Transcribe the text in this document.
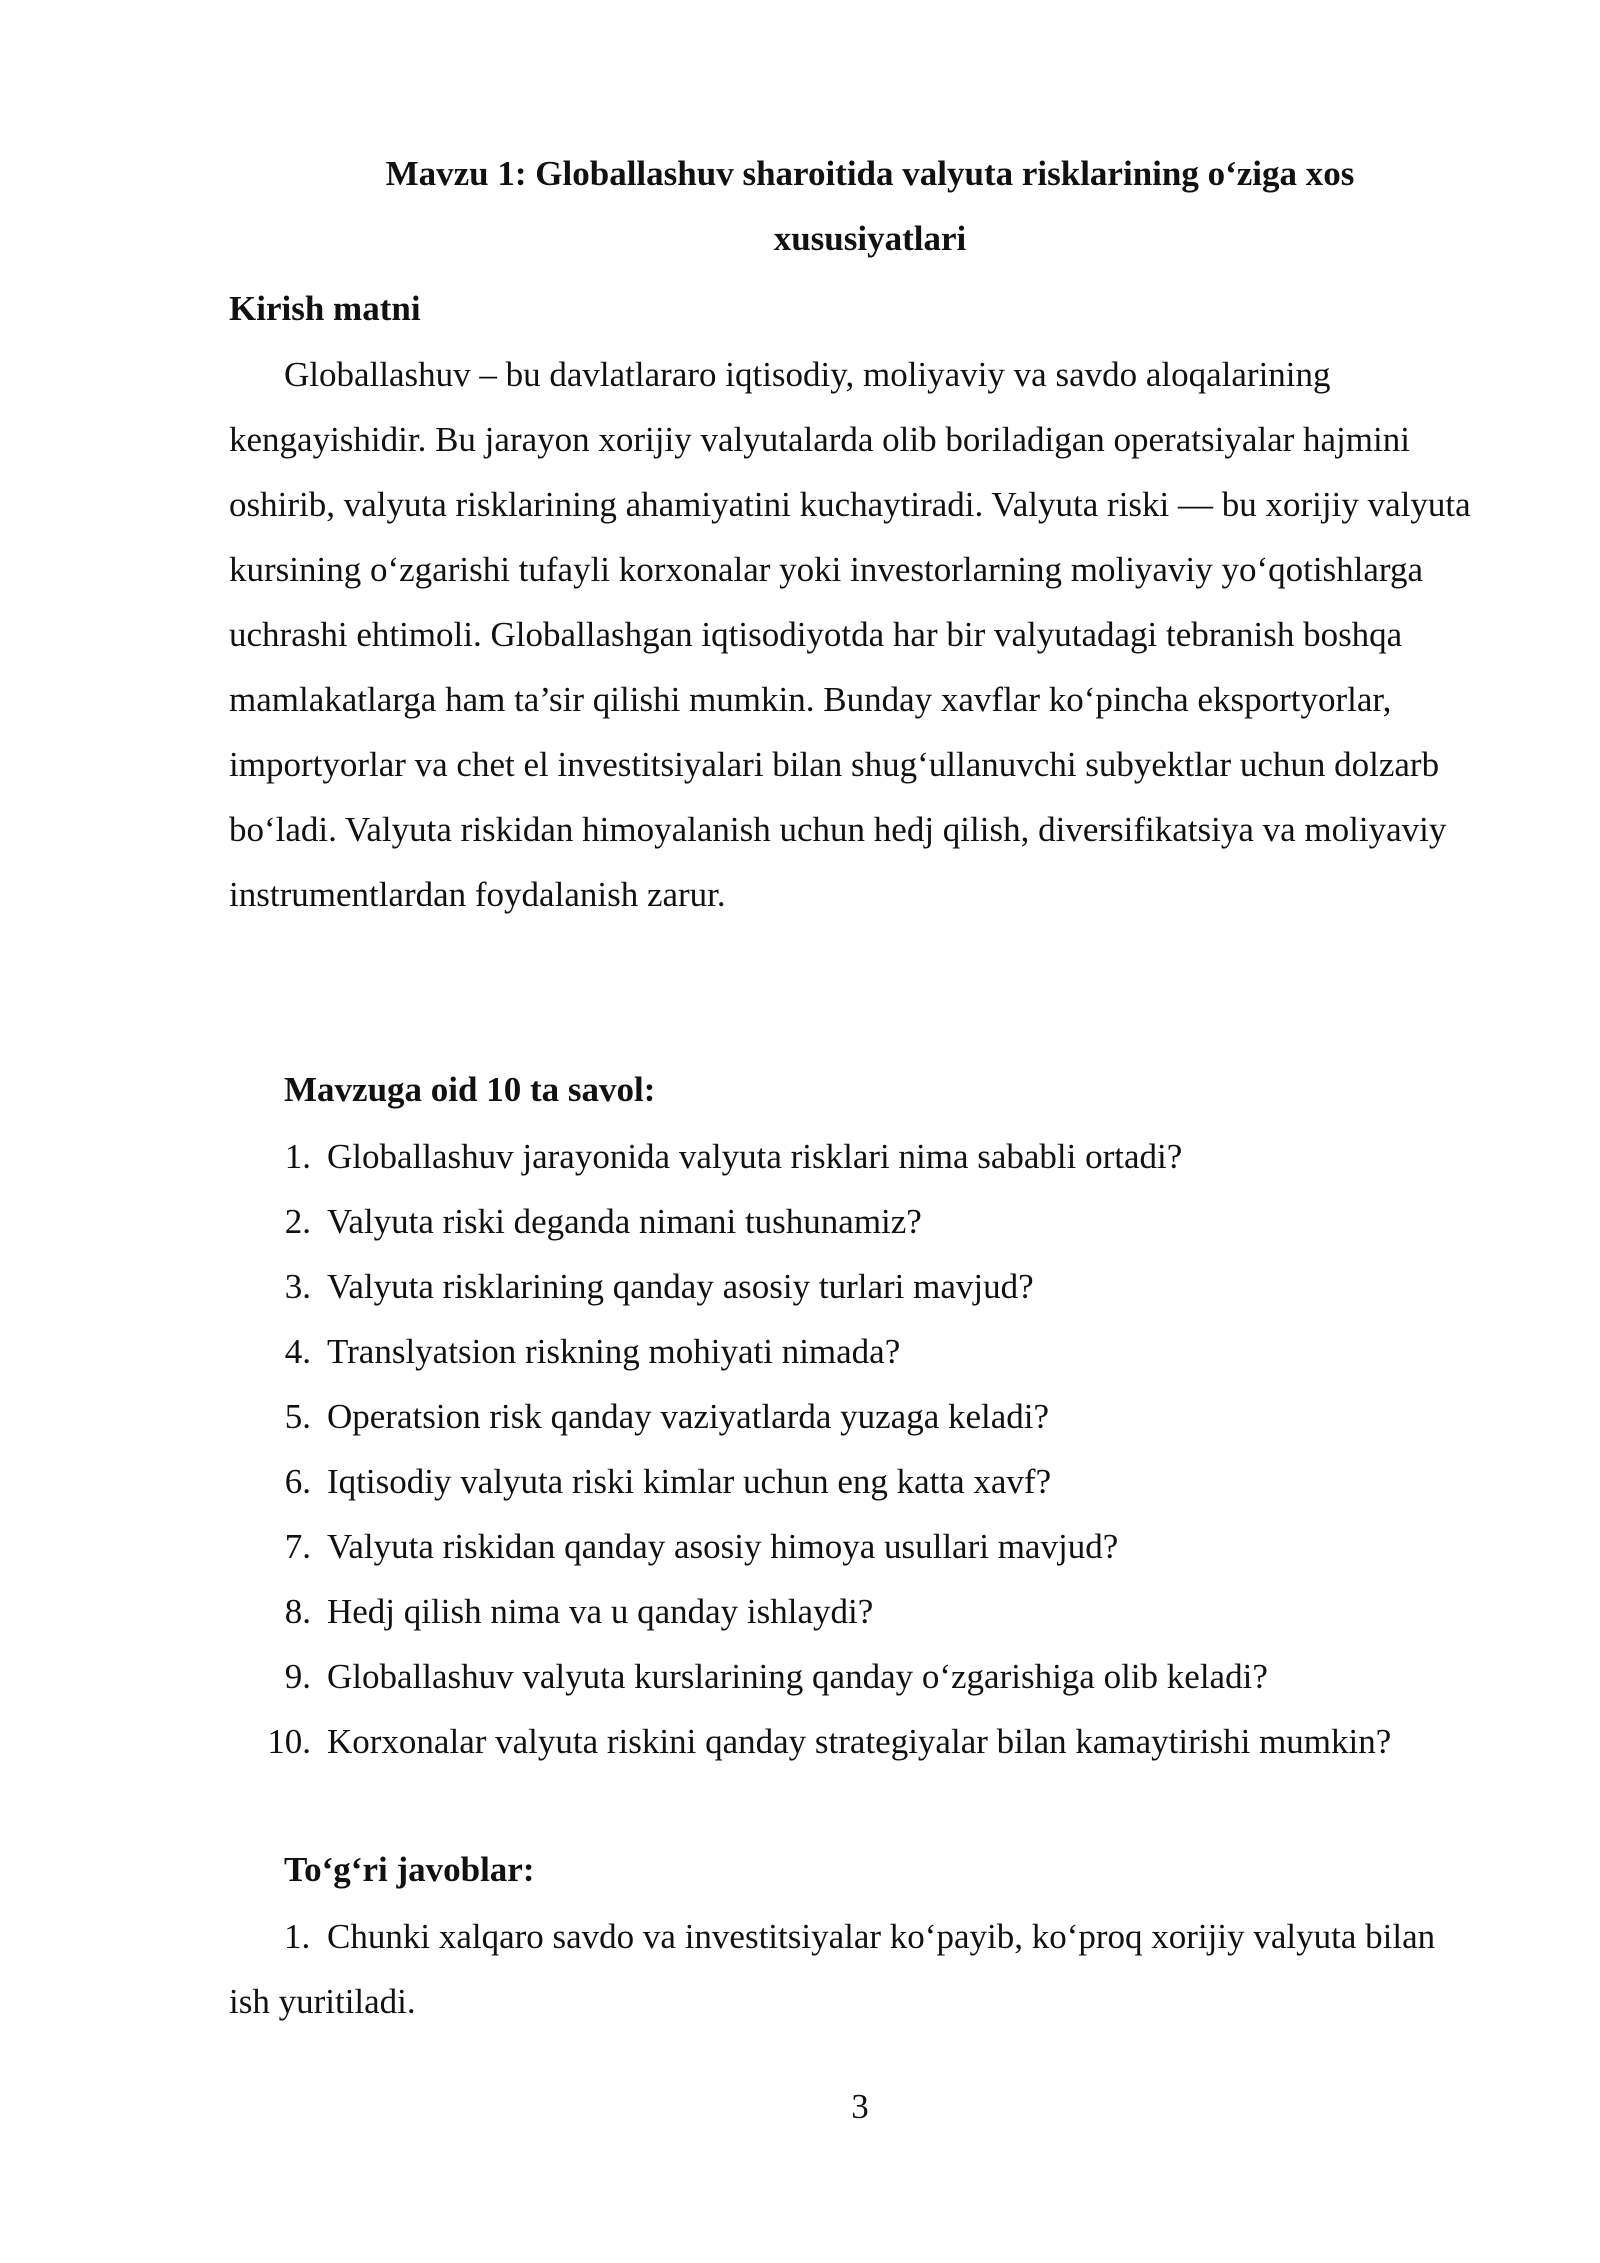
Mavzu 1: Globallashuv sharoitida valyuta risklarining o‘ziga xos
xususiyatlari
Kirish matni

Globallashuv – bu davlatlararo iqtisodiy, moliyaviy va savdo aloqalarining kengayishidir. Bu jarayon xorijiy valyutalarda olib boriladigan operatsiyalar hajmini oshirib, valyuta risklarining ahamiyatini kuchaytiradi. Valyuta riski — bu xorijiy valyuta kursining o‘zgarishi tufayli korxonalar yoki investorlarning moliyaviy yo‘qotishlarga uchrashi ehtimoli. Globallashgan iqtisodiyotda har bir valyutadagi tebranish boshqa mamlakatlarga ham ta’sir qilishi mumkin. Bunday xavflar ko‘pincha eksportyorlar, importyorlar va chet el investitsiyalari bilan shug‘ullanuvchi subyektlar uchun dolzarb bo‘ladi. Valyuta riskidan himoyalanish uchun hedj qilish, diversifikatsiya va moliyaviy instrumentlardan foydalanish zarur.

Mavzuga oid 10 ta savol:
1. Globallashuv jarayonida valyuta risklari nima sababli ortadi?
2. Valyuta riski deganda nimani tushunamiz?
3. Valyuta risklarining qanday asosiy turlari mavjud?
4. Translyatsion riskning mohiyati nimada?
5. Operatsion risk qanday vaziyatlarda yuzaga keladi?
6. Iqtisodiy valyuta riski kimlar uchun eng katta xavf?
7. Valyuta riskidan qanday asosiy himoya usullari mavjud?
8. Hedj qilish nima va u qanday ishlaydi?
9. Globallashuv valyuta kurslarining qanday o‘zgarishiga olib keladi?
10. Korxonalar valyuta riskini qanday strategiyalar bilan kamaytirishi mumkin?
To‘g‘ri javoblar:

1. Chunki xalqaro savdo va investitsiyalar ko‘payib, ko‘proq xorijiy valyuta bilan ish yuritiladi.

3
